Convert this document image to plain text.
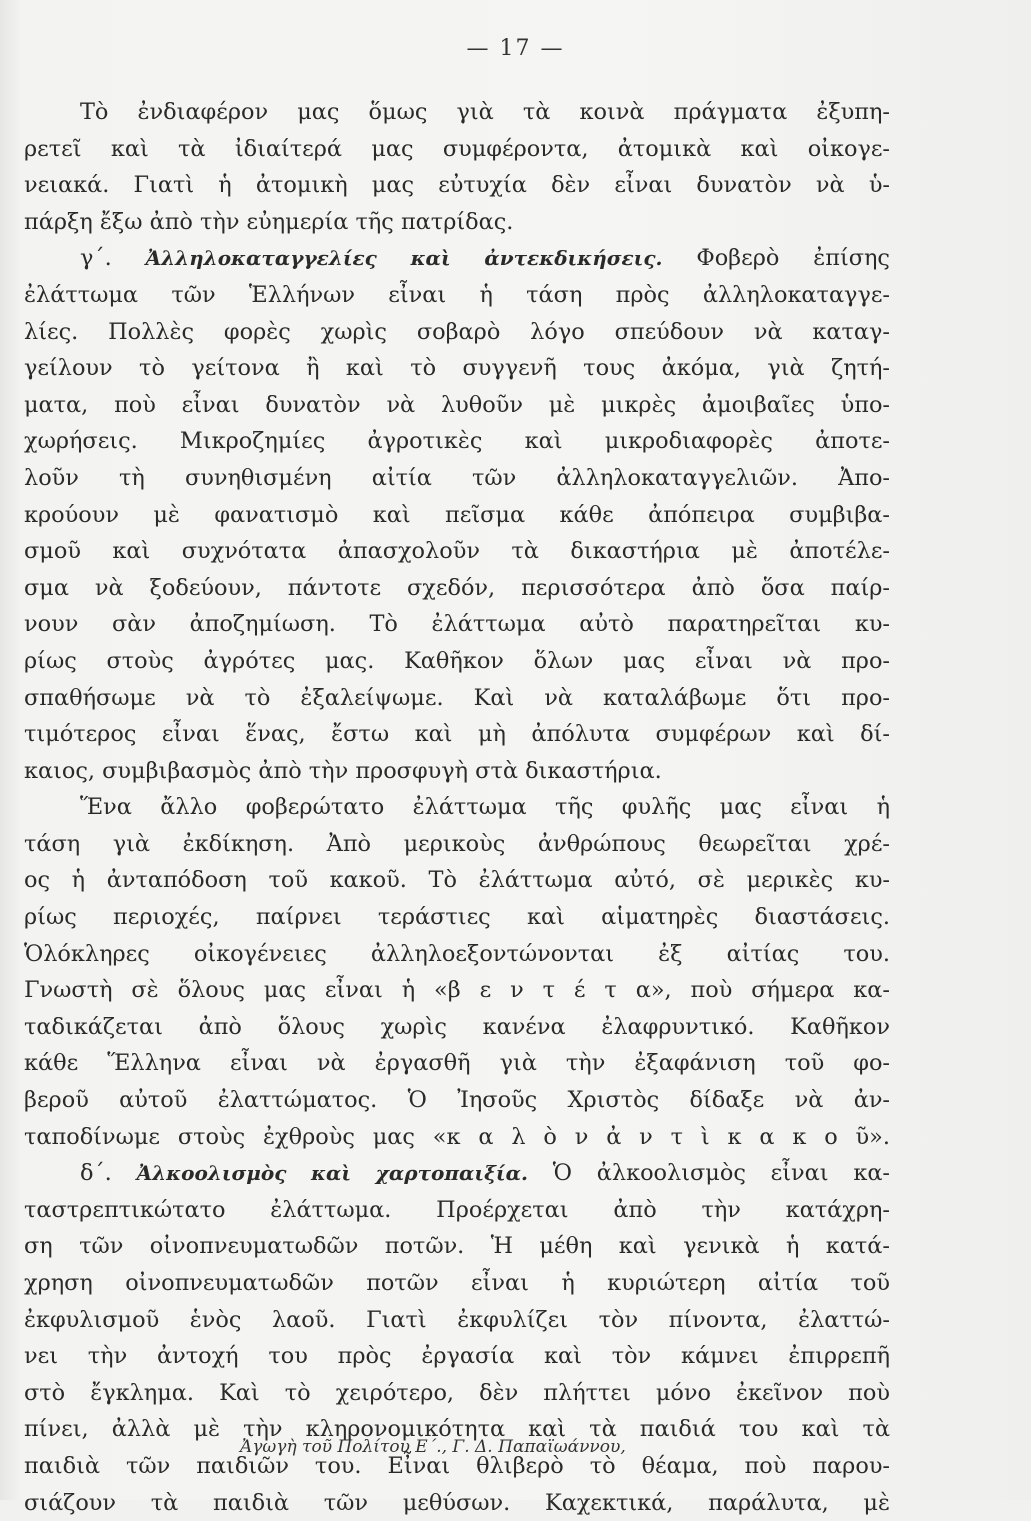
— 17 —
Τὸ ἐνδιαφέρον μας ὅμως γιὰ τὰ κοινὰ πράγματα ἐξυπη-
ρετεῖ καὶ τὰ ἰδιαίτερά μας συμφέροντα, ἀτομικὰ καὶ οἰκογε-
νειακά. Γιατὶ ἡ ἀτομικὴ μας εὐτυχία δὲν εἶναι δυνατὸν νὰ ὑ-
πάρξη ἔξω ἀπὸ τὴν εὐημερία τῆς πατρίδας.
γ΄. Ἀλληλοκαταγγελίες καὶ ἀντεκδικήσεις. Φοβερὸ ἐπίσης
ἐλάττωμα τῶν Ἑλλήνων εἶναι ἡ τάση πρὸς ἀλληλοκαταγγε-
λίες. Πολλὲς φορὲς χωρὶς σοβαρὸ λόγο σπεύδουν νὰ καταγ-
γείλουν τὸ γείτονα ἢ καὶ τὸ συγγενῆ τους ἀκόμα, γιὰ ζητή-
ματα, ποὺ εἶναι δυνατὸν νὰ λυθοῦν μὲ μικρὲς ἀμοιβαῖες ὑπο-
χωρήσεις. Μικροζημίες ἀγροτικὲς καὶ μικροδιαφορὲς ἀποτε-
λοῦν τὴ συνηθισμένη αἰτία τῶν ἀλληλοκαταγγελιῶν. Ἀπο-
κρούουν μὲ φανατισμὸ καὶ πεῖσμα κάθε ἀπόπειρα συμβιβα-
σμοῦ καὶ συχνότατα ἀπασχολοῦν τὰ δικαστήρια μὲ ἀποτέλε-
σμα νὰ ξοδεύουν, πάντοτε σχεδόν, περισσότερα ἀπὸ ὅσα παίρ-
νουν σὰν ἀποζημίωση. Τὸ ἐλάττωμα αὐτὸ παρατηρεῖται κυ-
ρίως στοὺς ἀγρότες μας. Καθῆκον ὅλων μας εἶναι νὰ προ-
σπαθήσωμε νὰ τὸ ἐξαλείψωμε. Καὶ νὰ καταλάβωμε ὅτι προ-
τιμότερος εἶναι ἕνας, ἔστω καὶ μὴ ἀπόλυτα συμφέρων καὶ δί-
καιος, συμβιβασμὸς ἀπὸ τὴν προσφυγὴ στὰ δικαστήρια.
Ἕνα ἄλλο φοβερώτατο ἐλάττωμα τῆς φυλῆς μας εἶναι ἡ
τάση γιὰ ἐκδίκηση. Ἀπὸ μερικοὺς ἀνθρώπους θεωρεῖται χρέ-
ος ἡ ἀνταπόδοση τοῦ κακοῦ. Τὸ ἐλάττωμα αὐτό, σὲ μερικὲς κυ-
ρίως περιοχές, παίρνει τεράστιες καὶ αἱματηρὲς διαστάσεις.
Ὁλόκληρες οἰκογένειες ἀλληλοεξοντώνονται ἐξ αἰτίας του.
Γνωστὴ σὲ ὅλους μας εἶναι ἡ «β ε ν τ έ τ α», ποὺ σήμερα κα-
ταδικάζεται ἀπὸ ὅλους χωρὶς κανένα ἐλαφρυντικό. Καθῆκον
κάθε Ἕλληνα εἶναι νὰ ἐργασθῆ γιὰ τὴν ἐξαφάνιση τοῦ φο-
βεροῦ αὐτοῦ ἐλαττώματος. Ὁ Ἰησοῦς Χριστὸς δίδαξε νὰ ἀν-
ταποδίνωμε στοὺς ἐχθροὺς μας «κ α λ ὸ ν ἀ ν τ ὶ κ α κ ο ῦ».
δ΄. Ἀλκοολισμὸς καὶ χαρτοπαιξία. Ὁ ἀλκοολισμὸς εἶναι κα-
ταστρεπτικώτατο ἐλάττωμα. Προέρχεται ἀπὸ τὴν κατάχρη-
ση τῶν οἰνοπνευματωδῶν ποτῶν. Ἡ μέθη καὶ γενικὰ ἡ κατά-
χρηση οἰνοπνευματωδῶν ποτῶν εἶναι ἡ κυριώτερη αἰτία τοῦ
ἐκφυλισμοῦ ἑνὸς λαοῦ. Γιατὶ ἐκφυλίζει τὸν πίνοντα, ἐλαττώ-
νει τὴν ἀντοχή του πρὸς ἐργασία καὶ τὸν κάμνει ἐπιρρεπῆ
στὸ ἔγκλημα. Καὶ τὸ χειρότερο, δὲν πλήττει μόνο ἐκεῖνον ποὺ
πίνει, ἀλλὰ μὲ τὴν κληρονομικότητα καὶ τὰ παιδιά του καὶ τὰ
παιδιὰ τῶν παιδιῶν του. Εἶναι θλιβερὸ τὸ θέαμα, ποὺ παρου-
σιάζουν τὰ παιδιὰ τῶν μεθύσων. Καχεκτικά, παράλυτα, μὲ
Ἀγωγὴ τοῦ Πολίτου Ε΄., Γ. Δ. Παπαϊωάννου,
